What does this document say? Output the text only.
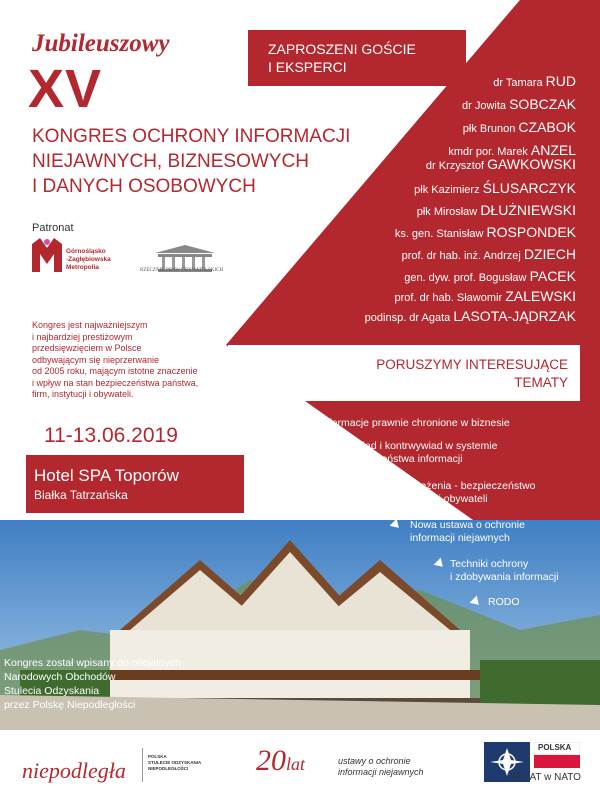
Jubileuszowy
XV
KONGRES OCHRONY INFORMACJI
NIEJAWNYCH, BIZNESOWYCH
I DANYCH OSOBOWYCH
Patronat
Górnośląsko
-Zagłębiowska
Metropolia	RZECZNIK PRAW OBYWATELSKICH
Kongres jest najważniejszym
i najbardziej prestiżowym
przedsięwzięciem w Polsce
odbywającym się nieprzerwanie
od 2005 roku, mającym istotne znaczenie
i wpływ na stan bezpieczeństwa państwa,
firm, instytucji i obywateli.
11-13.06.2019
Hotel SPA Toporów
Białka Tatrzańska
ZAPROSZENI GOŚCIE
I EKSPERCI
dr Tamara RUD
dr Jowita SOBCZAK
płk Brunon CZABOK
kmdr por. Marek ANZEL
dr Krzysztof GAWKOWSKI
płk Kazimierz ŚLUSARCZYK
płk Mirosław DŁUŻNIEWSKI
ks. gen. Stanisław ROSPONDEK
prof. dr hab. inż. Andrzej DZIECH
gen. dyw. prof. Bogusław PACEK
prof. dr hab. Sławomir ZALEWSKI
podinsp. dr Agata LASOTA-JĄDRZAK
PORUSZYMY INTERESUJĄCE
TEMATY
Informacje prawnie chronione w biznesie
Wywiad i kontrwywiad w systemie
bezpieczeństwa informacji
Cyberzagrożenia - bezpieczeństwo
firm, instytucji i obywateli
Nowa ustawa o ochronie
informacji niejawnych
Techniki ochrony
i zdobywania informacji
RODO
Kongres został wpisany do oficjalnych
Narodowych Obchodów
Stulecia Odzyskania
przez Polskę Niepodległości
niepodległa
POLSKA
STULECIE ODZYSKANIA
NIEPODLEGŁOŚCI	20lat	ustawy o ochronie
informacji niejawnych
POLSKA
20 LAT w NATO
